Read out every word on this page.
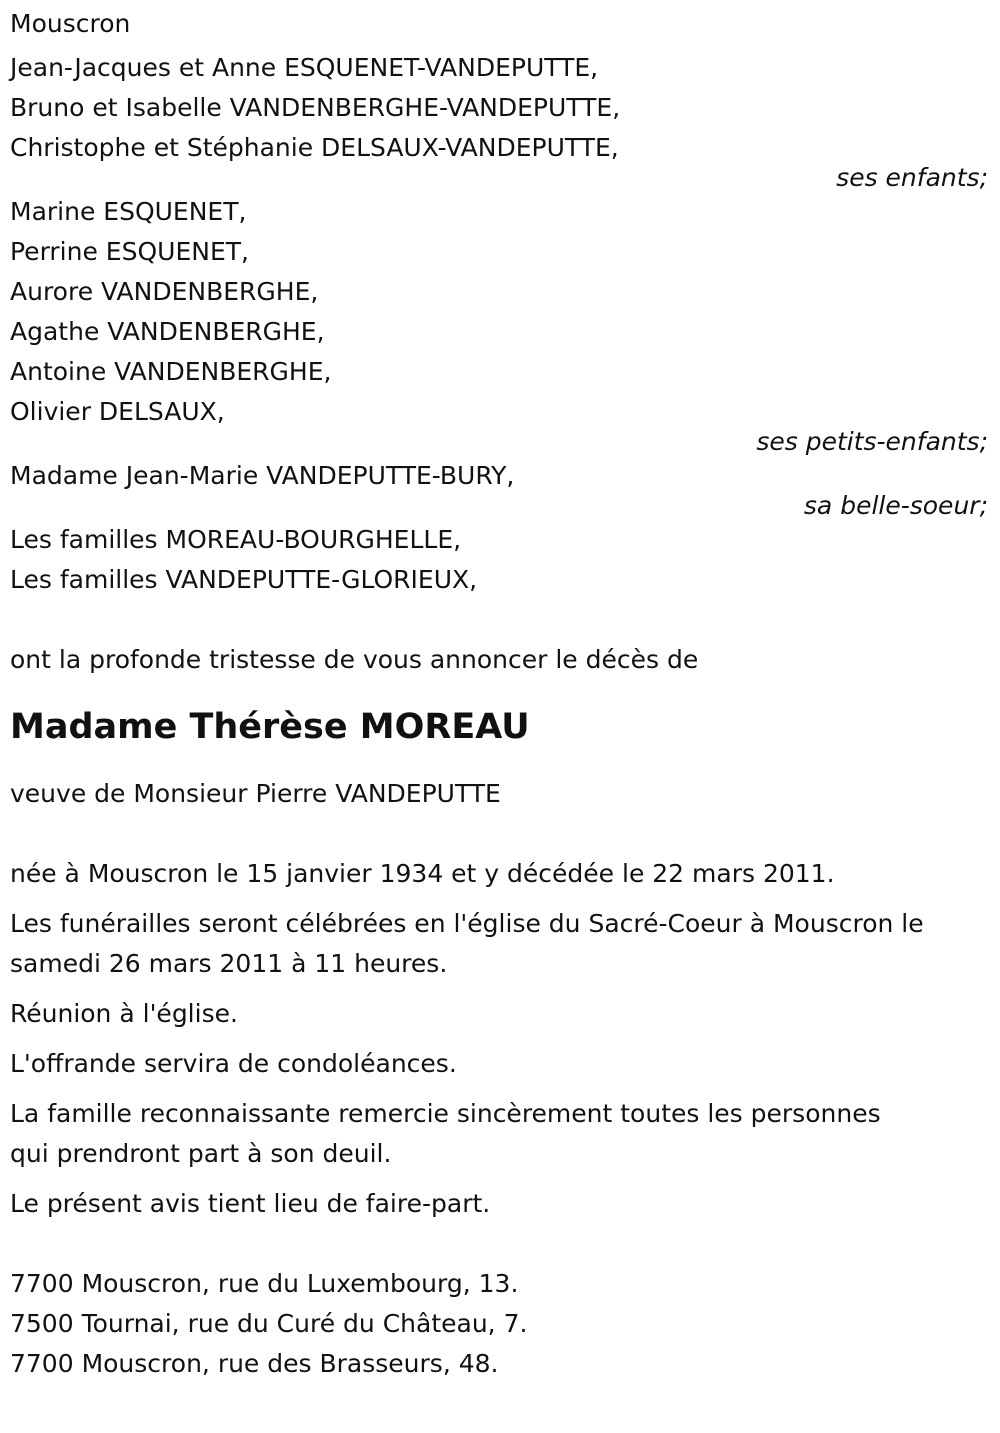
Mouscron
Jean-Jacques et Anne ESQUENET-VANDEPUTTE,
Bruno et Isabelle VANDENBERGHE-VANDEPUTTE,
Christophe et Stéphanie DELSAUX-VANDEPUTTE,
ses enfants;
Marine ESQUENET,
Perrine ESQUENET,
Aurore VANDENBERGHE,
Agathe VANDENBERGHE,
Antoine VANDENBERGHE,
Olivier DELSAUX,
ses petits-enfants;
Madame Jean-Marie VANDEPUTTE-BURY,
sa belle-soeur;
Les familles MOREAU-BOURGHELLE,
Les familles VANDEPUTTE-GLORIEUX,
ont la profonde tristesse de vous annoncer le décès de
Madame Thérèse MOREAU
veuve de Monsieur Pierre VANDEPUTTE
née à Mouscron le 15 janvier 1934 et y décédée le 22 mars 2011.
Les funérailles seront célébrées en l'église du Sacré-Coeur à Mouscron le
samedi 26 mars 2011 à 11 heures.
Réunion à l'église.
L'offrande servira de condoléances.
La famille reconnaissante remercie sincèrement toutes les personnes
qui prendront part à son deuil.
Le présent avis tient lieu de faire-part.
7700 Mouscron, rue du Luxembourg, 13.
7500 Tournai, rue du Curé du Château, 7.
7700 Mouscron, rue des Brasseurs, 48.
